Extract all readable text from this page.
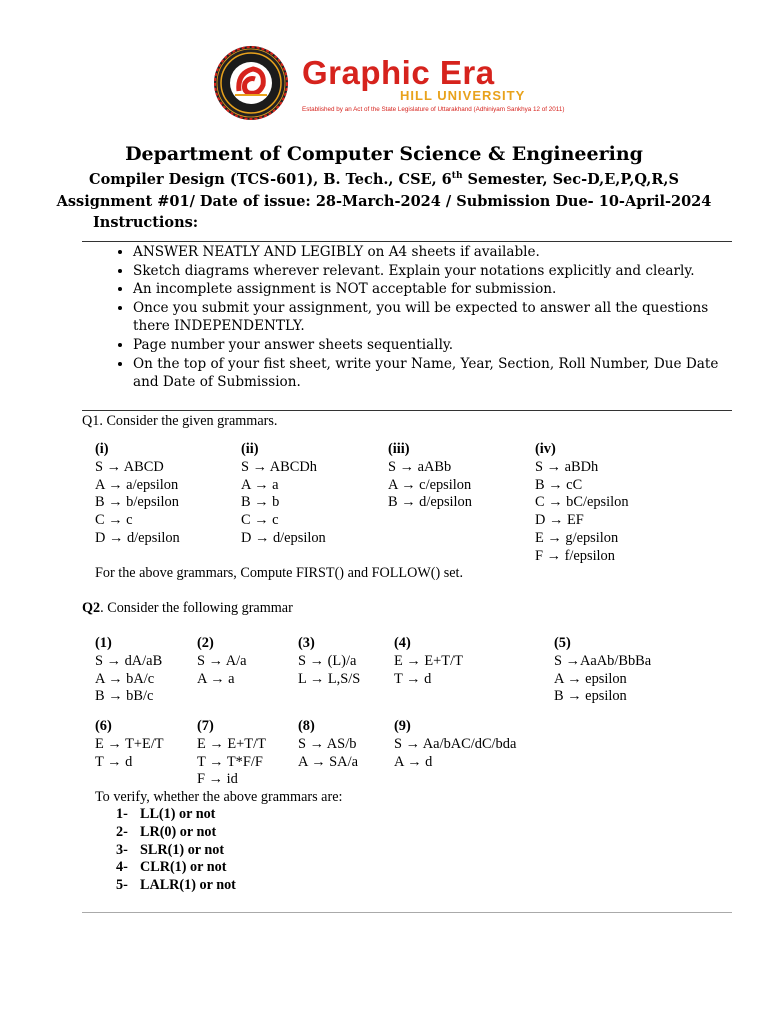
Graphic Era
HILL UNIVERSITY
Established by an Act of the State Legislature of Uttarakhand (Adhiniyam Sankhya 12 of 2011)
Department of Computer Science & Engineering
Compiler Design (TCS-601), B. Tech., CSE, 6th Semester, Sec-D,E,P,Q,R,S
Assignment #01/ Date of issue: 28-March-2024 / Submission Due- 10-April-2024
Instructions:
• ANSWER NEATLY AND LEGIBLY on A4 sheets if available.
• Sketch diagrams wherever relevant. Explain your notations explicitly and clearly.
• An incomplete assignment is NOT acceptable for submission.
• Once you submit your assignment, you will be expected to answer all the questions there INDEPENDENTLY.
• Page number your answer sheets sequentially.
• On the top of your fist sheet, write your Name, Year, Section, Roll Number, Due Date and Date of Submission.
Q1. Consider the given grammars.
(i)
S → ABCD
A → a/epsilon
B → b/epsilon
C → c
D → d/epsilon
(ii)
S → ABCDh
A → a
B → b
C → c
D → d/epsilon
(iii)
S → aABb
A → c/epsilon
B → d/epsilon
(iv)
S → aBDh
B → cC
C → bC/epsilon
D → EF
E → g/epsilon
F → f/epsilon
For the above grammars, Compute FIRST() and FOLLOW() set.
Q2. Consider the following grammar
(1)
S → dA/aB
A → bA/c
B → bB/c
(2)
S → A/a
A → a
(3)
S → (L)/a
L → L,S/S
(4)
E → E+T/T
T → d
(5)
S →AaAb/BbBa
A → epsilon
B → epsilon
(6)
E → T+E/T
T → d
(7)
E → E+T/T
T → T*F/F
F → id
(8)
S → AS/b
A → SA/a
(9)
S → Aa/bAC/dC/bda
A → d
To verify, whether the above grammars are:
1- LL(1) or not
2- LR(0) or not
3- SLR(1) or not
4- CLR(1) or not
5- LALR(1) or not
